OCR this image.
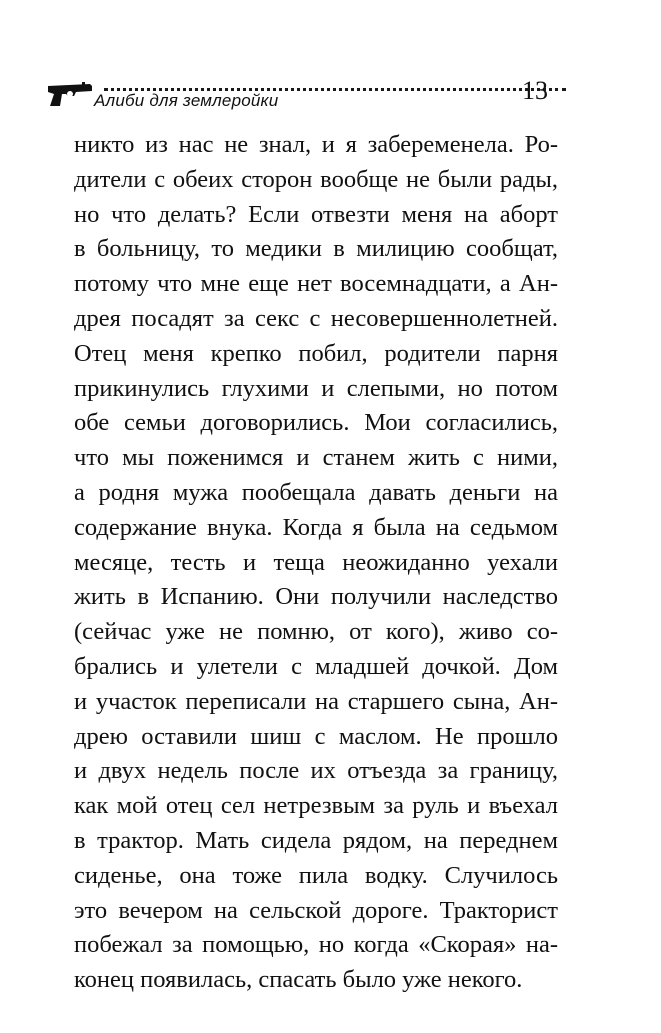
Алиби для землеройки	13
никто из нас не знал, и я забеременела. Ро-
дители с обеих сторон вообще не были рады,
но что делать? Если отвезти меня на аборт
в больницу, то медики в милицию сообщат,
потому что мне еще нет восемнадцати, а Ан-
дрея посадят за секс с несовершеннолетней.
Отец меня крепко побил, родители парня
прикинулись глухими и слепыми, но потом
обе семьи договорились. Мои согласились,
что мы поженимся и станем жить с ними,
а родня мужа пообещала давать деньги на
содержание внука. Когда я была на седьмом
месяце, тесть и теща неожиданно уехали
жить в Испанию. Они получили наследство
(сейчас уже не помню, от кого), живо со-
брались и улетели с младшей дочкой. Дом
и участок переписали на старшего сына, Ан-
дрею оставили шиш с маслом. Не прошло
и двух недель после их отъезда за границу,
как мой отец сел нетрезвым за руль и въехал
в трактор. Мать сидела рядом, на переднем
сиденье, она тоже пила водку. Случилось
это вечером на сельской дороге. Тракторист
побежал за помощью, но когда «Скорая» на-
конец появилась, спасать было уже некого.
